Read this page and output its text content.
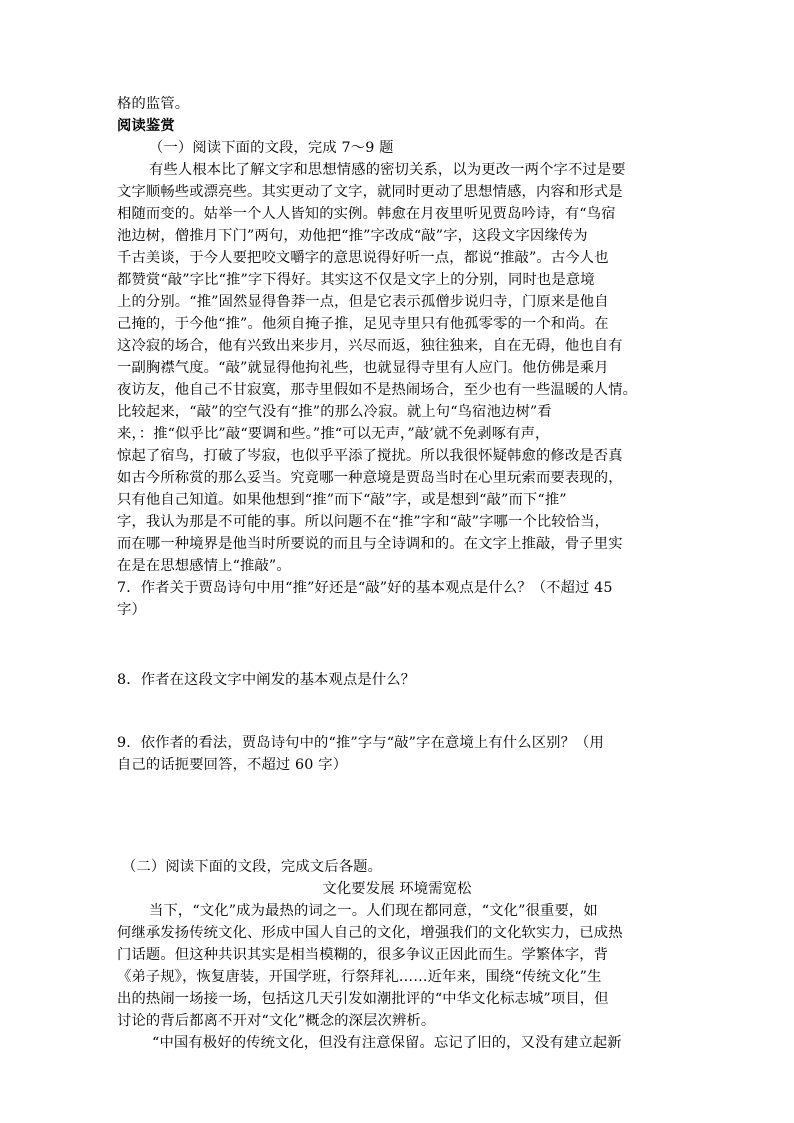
格的监管。
阅读鉴赏
（一）阅读下面的文段，完成 7～9 题
有些人根本比了解文字和思想情感的密切关系，以为更改一两个字不过是要
文字顺畅些或漂亮些。其实更动了文字，就同时更动了思想情感，内容和形式是
相随而变的。姑举一个人人皆知的实例。韩愈在月夜里听见贾岛吟诗，有“鸟宿
池边树，僧推月下门”两句，劝他把“推”字改成“敲”字，这段文字因缘传为
千古美谈，于今人要把咬文嚼字的意思说得好听一点，都说“推敲”。古今人也
都赞赏“敲”字比“推”字下得好。其实这不仅是文字上的分别，同时也是意境
上的分别。“推”固然显得鲁莽一点，但是它表示孤僧步说归寺，门原来是他自
己掩的，于今他“推”。他须自掩子推，足见寺里只有他孤零零的一个和尚。在
这冷寂的场合，他有兴致出来步月，兴尽而返，独往独来，自在无碍，他也自有
一副胸襟气度。“敲”就显得他拘礼些，也就显得寺里有人应门。他仿佛是乘月
夜访友，他自己不甘寂寞，那寺里假如不是热闹场合，至少也有一些温暖的人情。
比较起来，“敲”的空气没有“推”的那么冷寂。就上句“鸟宿池边树”看
来，：推“似乎比”敲“要调和些。”推“可以无声，”敲’就不免剥啄有声，
惊起了宿鸟，打破了岑寂，也似乎平添了搅扰。所以我很怀疑韩愈的修改是否真
如古今所称赏的那么妥当。究竟哪一种意境是贾岛当时在心里玩索而要表现的，
只有他自己知道。如果他想到“推”而下“敲”字，或是想到“敲”而下“推”
字，我认为那是不可能的事。所以问题不在“推”字和“敲”字哪一个比较恰当，
而在哪一种境界是他当时所要说的而且与全诗调和的。在文字上推敲，骨子里实
在是在思想感情上“推敲”。
7．作者关于贾岛诗句中用“推”好还是“敲”好的基本观点是什么？（不超过 45
字）
8．作者在这段文字中阐发的基本观点是什么？
9．依作者的看法，贾岛诗句中的“推”字与“敲”字在意境上有什么区别？（用
自己的话扼要回答，不超过 60 字）
（二）阅读下面的文段，完成文后各题。
文化要发展 环境需宽松
当下，“文化”成为最热的词之一。人们现在都同意，“文化”很重要，如
何继承发扬传统文化、形成中国人自己的文化，增强我们的文化软实力，已成热
门话题。但这种共识其实是相当模糊的，很多争议正因此而生。学繁体字，背
《弟子规》，恢复唐装，开国学班，行祭拜礼……近年来，围绕“传统文化”生
出的热闹一场接一场，包括这几天引发如潮批评的“中华文化标志城”项目，但
讨论的背后都离不开对“文化”概念的深层次辨析。
“中国有极好的传统文化，但没有注意保留。忘记了旧的，又没有建立起新
